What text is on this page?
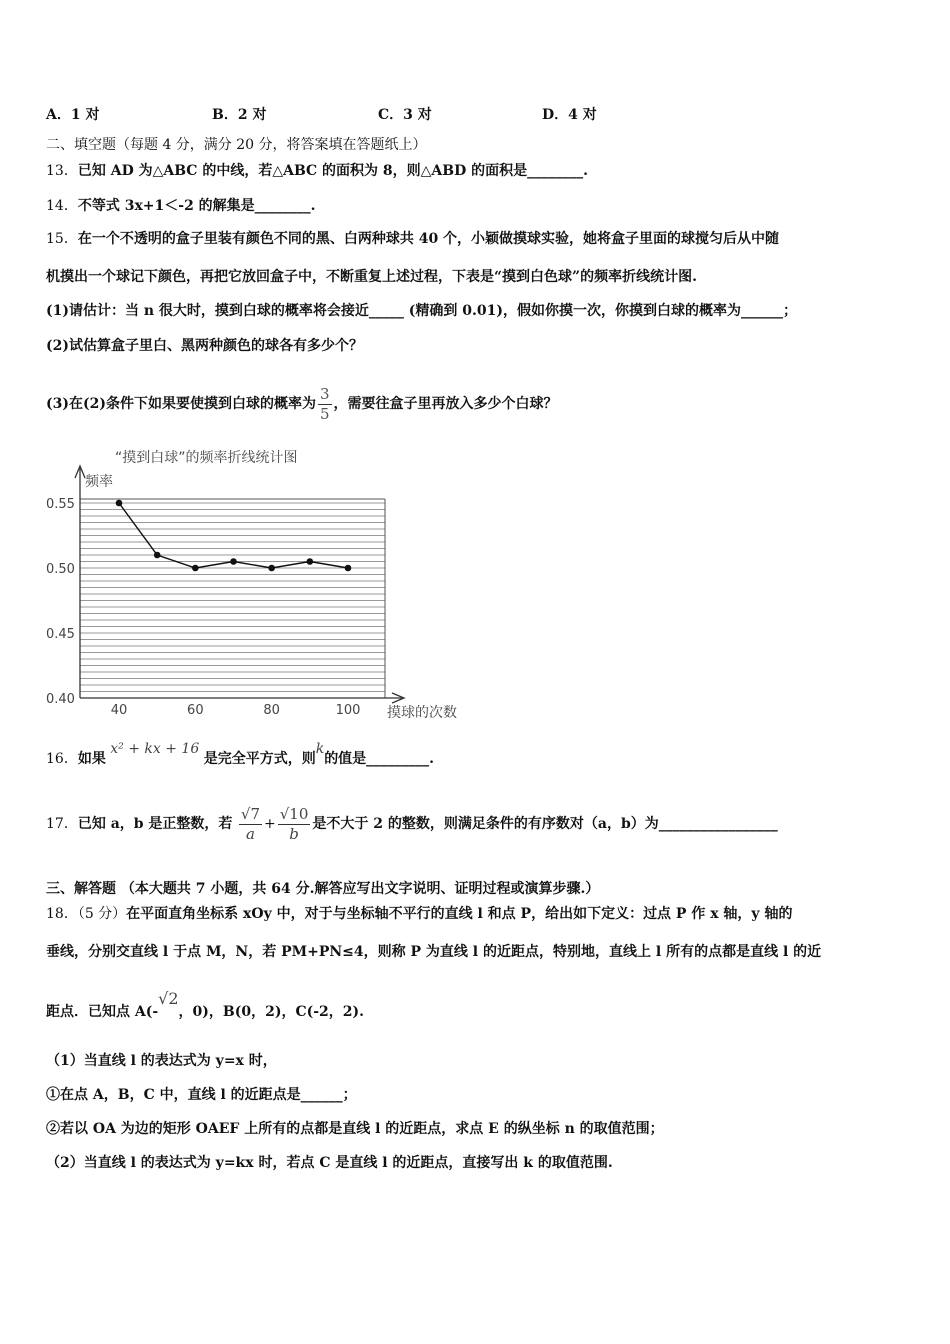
A．1 对	B．2 对	C．3 对	D．4 对
二、填空题（每题 4 分，满分 20 分，将答案填在答题纸上）
13．已知 AD 为△ABC 的中线，若△ABC 的面积为 8，则△ABD 的面积是________.
14．不等式 3x+1＜-2 的解集是________.
15．在一个不透明的盒子里装有颜色不同的黑、白两种球共 40 个，小颖做摸球实验，她将盒子里面的球搅匀后从中随
机摸出一个球记下颜色，再把它放回盒子中，不断重复上述过程，下表是“摸到白色球”的频率折线统计图.
(1)请估计：当 n 很大时，摸到白球的概率将会接近_____ (精确到 0.01)，假如你摸一次，你摸到白球的概率为______；
(2)试估算盒子里白、黑两种颜色的球各有多少个？
(3)在(2)条件下如果要使摸到白球的概率为 $\frac{3}{5}$ ，需要往盒子里再放入多少个白球？
“摸到白球”的频率折线统计图
频率
摸球的次数
0.55
0.50
0.45
0.40
40	60	80	100
16．如果 x² + kx + 16 是完全平方式，则k的值是_________.
17．已知 a，b 是正整数，若 $\frac{√7}{a} + \frac{√10}{b}$ 是不大于 2 的整数，则满足条件的有序数对（a，b）为_________________
三、解答题 （本大题共 7 小题，共 64 分.解答应写出文字说明、证明过程或演算步骤.）
18．（5 分）在平面直角坐标系 xOy 中，对于与坐标轴不平行的直线 l 和点 P，给出如下定义：过点 P 作 x 轴，y 轴的
垂线，分别交直线 l 于点 M，N，若 PM+PN≤4，则称 P 为直线 l 的近距点，特别地，直线上 l 所有的点都是直线 l 的近
距点．已知点 A(-√2，0)，B(0，2)，C(-2，2).
（1）当直线 l 的表达式为 y=x 时，
①在点 A，B，C 中，直线 l 的近距点是______；
②若以 OA 为边的矩形 OAEF 上所有的点都是直线 l 的近距点，求点 E 的纵坐标 n 的取值范围；
（2）当直线 l 的表达式为 y=kx 时，若点 C 是直线 l 的近距点，直接写出 k 的取值范围.
